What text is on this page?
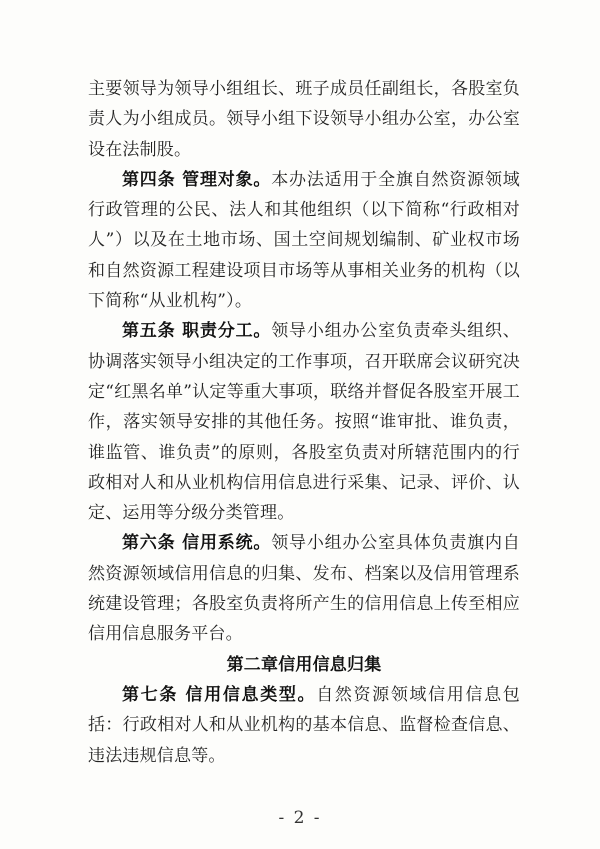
主要领导为领导小组组长、班子成员任副组长，各股室负责人为小组成员。领导小组下设领导小组办公室，办公室设在法制股。

第四条 管理对象。本办法适用于全旗自然资源领域行政管理的公民、法人和其他组织（以下简称“行政相对人”）以及在土地市场、国土空间规划编制、矿业权市场和自然资源工程建设项目市场等从事相关业务的机构（以下简称“从业机构”）。

第五条 职责分工。领导小组办公室负责牵头组织、协调落实领导小组决定的工作事项，召开联席会议研究决定“红黑名单”认定等重大事项，联络并督促各股室开展工作，落实领导安排的其他任务。按照“谁审批、谁负责，谁监管、谁负责”的原则，各股室负责对所辖范围内的行政相对人和从业机构信用信息进行采集、记录、评价、认定、运用等分级分类管理。

第六条 信用系统。领导小组办公室具体负责旗内自然资源领域信用信息的归集、发布、档案以及信用管理系统建设管理；各股室负责将所产生的信用信息上传至相应信用信息服务平台。

第二章信用信息归集

第七条 信用信息类型。自然资源领域信用信息包括：行政相对人和从业机构的基本信息、监督检查信息、违法违规信息等。

- 2 -
